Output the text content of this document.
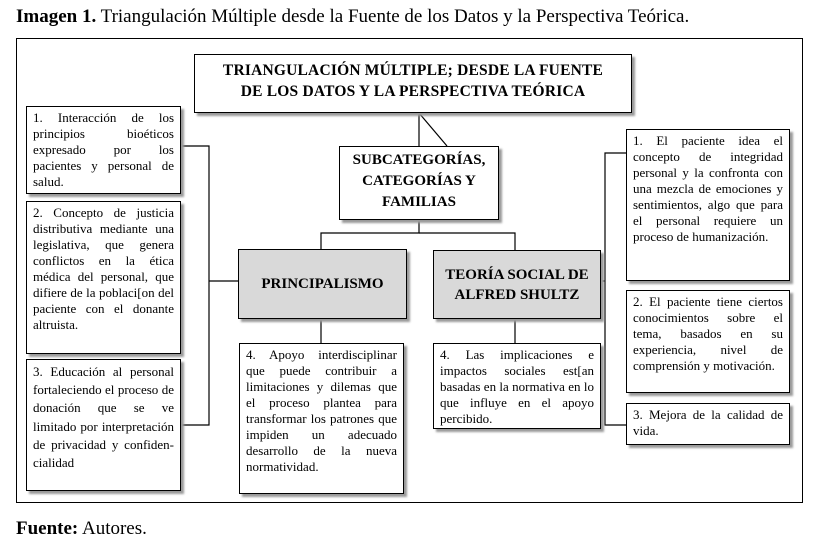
Imagen 1. Triangulación Múltiple desde la Fuente de los Datos y la Perspectiva Teórica.
TRIANGULACIÓN MÚLTIPLE; DESDE LA FUENTE
DE LOS DATOS Y LA PERSPECTIVA TEÓRICA
SUBCATEGORÍAS,
CATEGORÍAS Y
FAMILIAS
PRINCIPALISMO
TEORÍA SOCIAL DE
ALFRED SHULTZ
1. Interacción de los principios bioéticos expresado por los pacientes y personal de salud.
2. Concepto de justicia distributiva mediante una legislativa, que genera conflictos en la ética médica del personal, que difiere de la poblaci[on del paciente con el donante altruista.
3. Educación al personal fortaleciendo el proceso de donación que se ve limitado por interpretación de privacidad y confiden-cialidad
4. Apoyo interdisciplinar que puede contribuir a limitaciones y dilemas que el proceso plantea para transformar los patrones que impiden un adecuado desarrollo de la nueva normatividad.
4. Las implicaciones e impactos sociales est[an basadas en la normativa en lo que influye en el apoyo percibido.
1. El paciente idea el concepto de integridad personal y la confronta con una mezcla de emociones y sentimientos, algo que para el personal requiere un proceso de humanización.
2. El paciente tiene ciertos conocimientos sobre el tema, basados en su experiencia, nivel de comprensión y motivación.
3. Mejora de la calidad de vida.
Fuente: Autores.
